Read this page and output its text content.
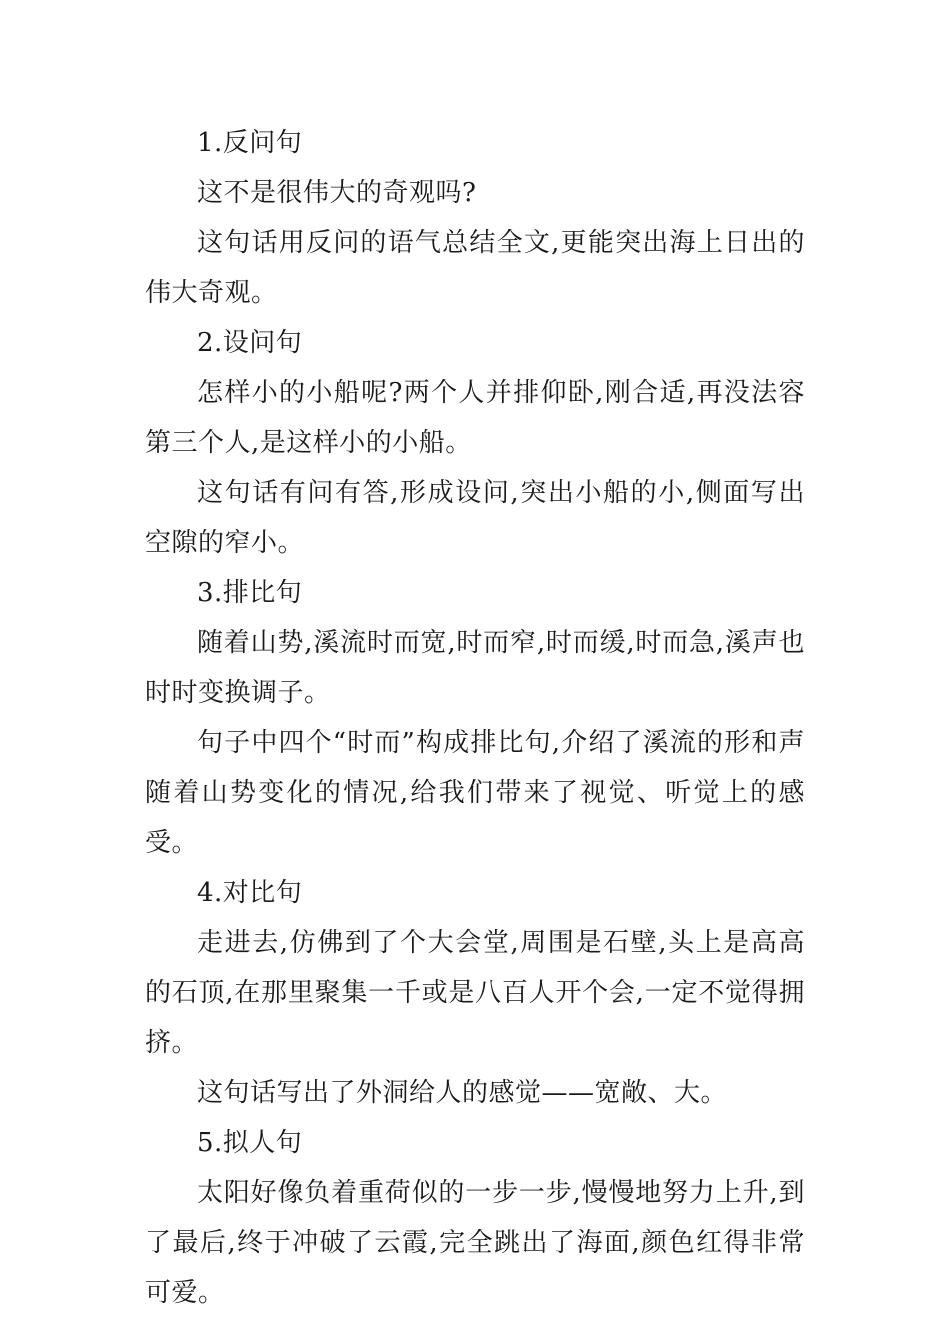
1.反问句

这不是很伟大的奇观吗?

这句话用反问的语气总结全文,更能突出海上日出的伟大奇观。

2.设问句

怎样小的小船呢?两个人并排仰卧,刚合适,再没法容第三个人,是这样小的小船。

这句话有问有答,形成设问,突出小船的小,侧面写出空隙的窄小。

3.排比句

随着山势,溪流时而宽,时而窄,时而缓,时而急,溪声也时时变换调子。

句子中四个“时而”构成排比句,介绍了溪流的形和声随着山势变化的情况,给我们带来了视觉、听觉上的感受。

4.对比句

走进去,仿佛到了个大会堂,周围是石壁,头上是高高的石顶,在那里聚集一千或是八百人开个会,一定不觉得拥挤。

这句话写出了外洞给人的感觉——宽敞、大。

5.拟人句

太阳好像负着重荷似的一步一步,慢慢地努力上升,到了最后,终于冲破了云霞,完全跳出了海面,颜色红得非常可爱。
